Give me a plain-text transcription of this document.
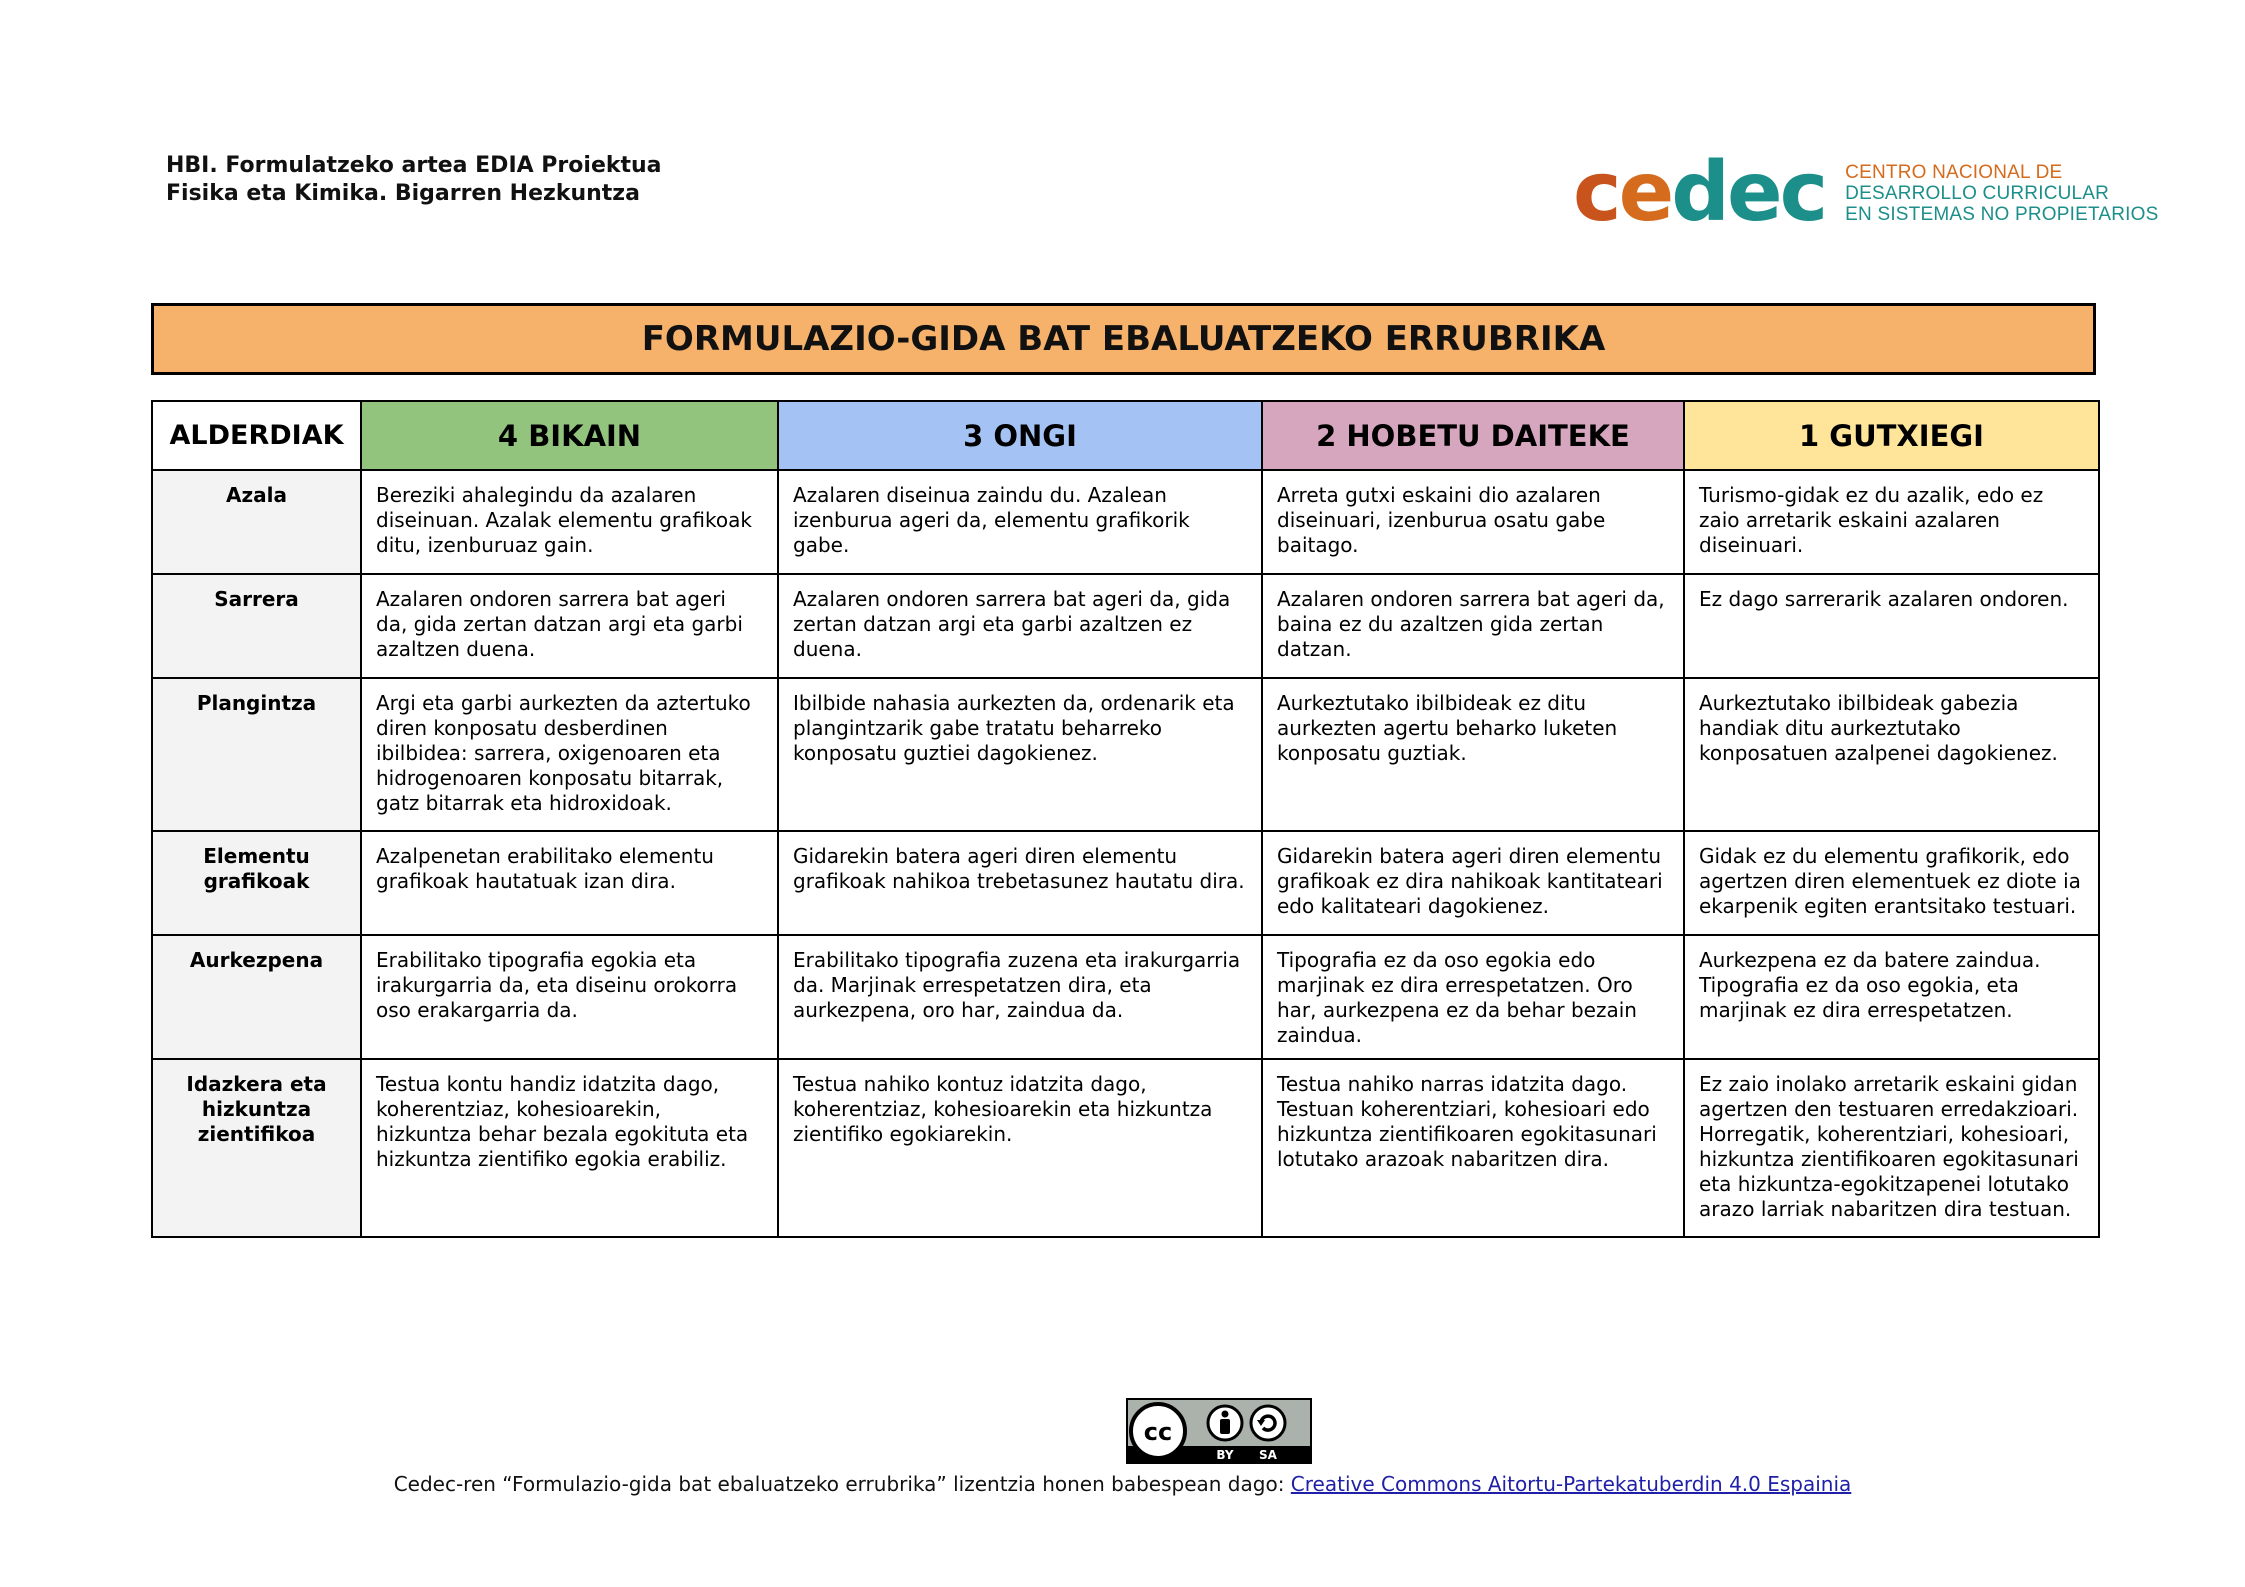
HBI. Formulatzeko artea EDIA Proiektua
Fisika eta Kimika. Bigarren Hezkuntza	cedec CENTRO NACIONAL DE
DESARROLLO CURRICULAR
EN SISTEMAS NO PROPIETARIOS
FORMULAZIO-GIDA BAT EBALUATZEKO ERRUBRIKA
ALDERDIAK	4 BIKAIN	3 ONGI	2 HOBETU DAITEKE	1 GUTXIEGI
Azala	Bereziki ahalegindu da azalaren diseinuan. Azalak elementu grafikoak ditu, izenburuaz gain.	Azalaren diseinua zaindu du. Azalean izenburua ageri da, elementu grafikorik gabe.	Arreta gutxi eskaini dio azalaren diseinuari, izenburua osatu gabe baitago.	Turismo-gidak ez du azalik, edo ez zaio arretarik eskaini azalaren diseinuari.
Sarrera	Azalaren ondoren sarrera bat ageri da, gida zertan datzan argi eta garbi azaltzen duena.	Azalaren ondoren sarrera bat ageri da, gida zertan datzan argi eta garbi azaltzen ez duena.	Azalaren ondoren sarrera bat ageri da, baina ez du azaltzen gida zertan datzan.	Ez dago sarrerarik azalaren ondoren.
Plangintza	Argi eta garbi aurkezten da aztertuko diren konposatu desberdinen ibilbidea: sarrera, oxigenoaren eta hidrogenoaren konposatu bitarrak, gatz bitarrak eta hidroxidoak.	Ibilbide nahasia aurkezten da, ordenarik eta plangintzarik gabe tratatu beharreko konposatu guztiei dagokienez.	Aurkeztutako ibilbideak ez ditu aurkezten agertu beharko luketen konposatu guztiak.	Aurkeztutako ibilbideak gabezia handiak ditu aurkeztutako konposatuen azalpenei dagokienez.
Elementu grafikoak	Azalpenetan erabilitako elementu grafikoak hautatuak izan dira.	Gidarekin batera ageri diren elementu grafikoak nahikoa trebetasunez hautatu dira.	Gidarekin batera ageri diren elementu grafikoak ez dira nahikoak kantitateari edo kalitateari dagokienez.	Gidak ez du elementu grafikorik, edo agertzen diren elementuek ez diote ia ekarpenik egiten erantsitako testuari.
Aurkezpena	Erabilitako tipografia egokia eta irakurgarria da, eta diseinu orokorra oso erakargarria da.	Erabilitako tipografia zuzena eta irakurgarria da. Marjinak errespetatzen dira, eta aurkezpena, oro har, zaindua da.	Tipografia ez da oso egokia edo marjinak ez dira errespetatzen. Oro har, aurkezpena ez da behar bezain zaindua.	Aurkezpena ez da batere zaindua. Tipografia ez da oso egokia, eta marjinak ez dira errespetatzen.
Idazkera eta hizkuntza zientifikoa	Testua kontu handiz idatzita dago, koherentziaz, kohesioarekin, hizkuntza behar bezala egokituta eta hizkuntza zientifiko egokia erabiliz.	Testua nahiko kontuz idatzita dago, koherentziaz, kohesioarekin eta hizkuntza zientifiko egokiarekin.	Testua nahiko narras idatzita dago. Testuan koherentziari, kohesioari edo hizkuntza zientifikoaren egokitasunari lotutako arazoak nabaritzen dira.	Ez zaio inolako arretarik eskaini gidan agertzen den testuaren erredakzioari. Horregatik, koherentziari, kohesioari, hizkuntza zientifikoaren egokitasunari eta hizkuntza-egokitzapenei lotutako arazo larriak nabaritzen dira testuan.
cc
BY SA
Cedec-ren “Formulazio-gida bat ebaluatzeko errubrika” lizentzia honen babespean dago: Creative Commons Aitortu-Partekatuberdin 4.0 Espainia
